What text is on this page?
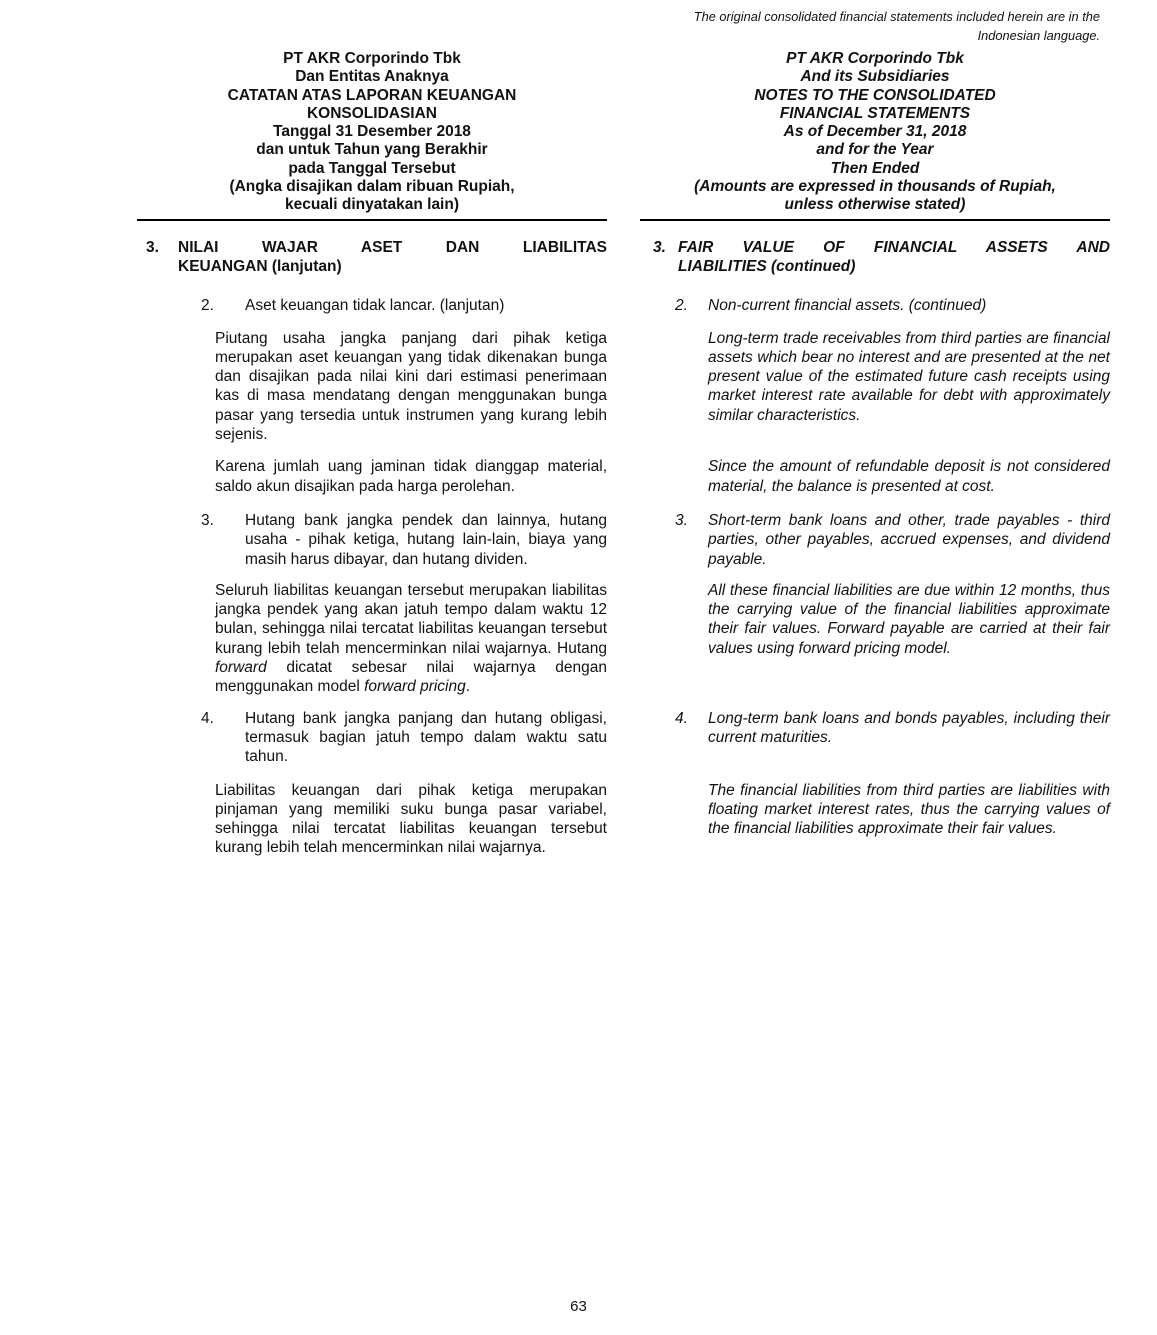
The original consolidated financial statements included herein are in the Indonesian language.
PT AKR Corporindo Tbk
Dan Entitas Anaknya
CATATAN ATAS LAPORAN KEUANGAN
KONSOLIDASIAN
Tanggal 31 Desember 2018
dan untuk Tahun yang Berakhir
pada Tanggal Tersebut
(Angka disajikan dalam ribuan Rupiah,
kecuali dinyatakan lain)
PT AKR Corporindo Tbk
And its Subsidiaries
NOTES TO THE CONSOLIDATED
FINANCIAL STATEMENTS
As of December 31, 2018
and for the Year
Then Ended
(Amounts are expressed in thousands of Rupiah,
unless otherwise stated)
3.	NILAI WAJAR ASET DAN LIABILITAS
KEUANGAN (lanjutan)
3. FAIR VALUE OF FINANCIAL ASSETS AND
LIABILITIES (continued)
2.	Aset keuangan tidak lancar. (lanjutan)	2.	Non-current financial assets. (continued)
Piutang usaha jangka panjang dari pihak ketiga merupakan aset keuangan yang tidak dikenakan bunga dan disajikan pada nilai kini dari estimasi penerimaan kas di masa mendatang dengan menggunakan bunga pasar yang tersedia untuk instrumen yang kurang lebih sejenis.
Long-term trade receivables from third parties are financial assets which bear no interest and are presented at the net present value of the estimated future cash receipts using market interest rate available for debt with approximately similar characteristics.
Karena jumlah uang jaminan tidak dianggap material, saldo akun disajikan pada harga perolehan.
Since the amount of refundable deposit is not considered material, the balance is presented at cost.
3.	Hutang bank jangka pendek dan lainnya, hutang usaha - pihak ketiga, hutang lain-lain, biaya yang masih harus dibayar, dan hutang dividen.
3.	Short-term bank loans and other, trade payables - third parties, other payables, accrued expenses, and dividend payable.
Seluruh liabilitas keuangan tersebut merupakan liabilitas jangka pendek yang akan jatuh tempo dalam waktu 12 bulan, sehingga nilai tercatat liabilitas keuangan tersebut kurang lebih telah mencerminkan nilai wajarnya. Hutang forward dicatat sebesar nilai wajarnya dengan menggunakan model forward pricing.
All these financial liabilities are due within 12 months, thus the carrying value of the financial liabilities approximate their fair values. Forward payable are carried at their fair values using forward pricing model.
4.	Hutang bank jangka panjang dan hutang obligasi, termasuk bagian jatuh tempo dalam waktu satu tahun.
4.	Long-term bank loans and bonds payables, including their current maturities.
Liabilitas keuangan dari pihak ketiga merupakan pinjaman yang memiliki suku bunga pasar variabel, sehingga nilai tercatat liabilitas keuangan tersebut kurang lebih telah mencerminkan nilai wajarnya.
The financial liabilities from third parties are liabilities with floating market interest rates, thus the carrying values of the financial liabilities approximate their fair values.
63
